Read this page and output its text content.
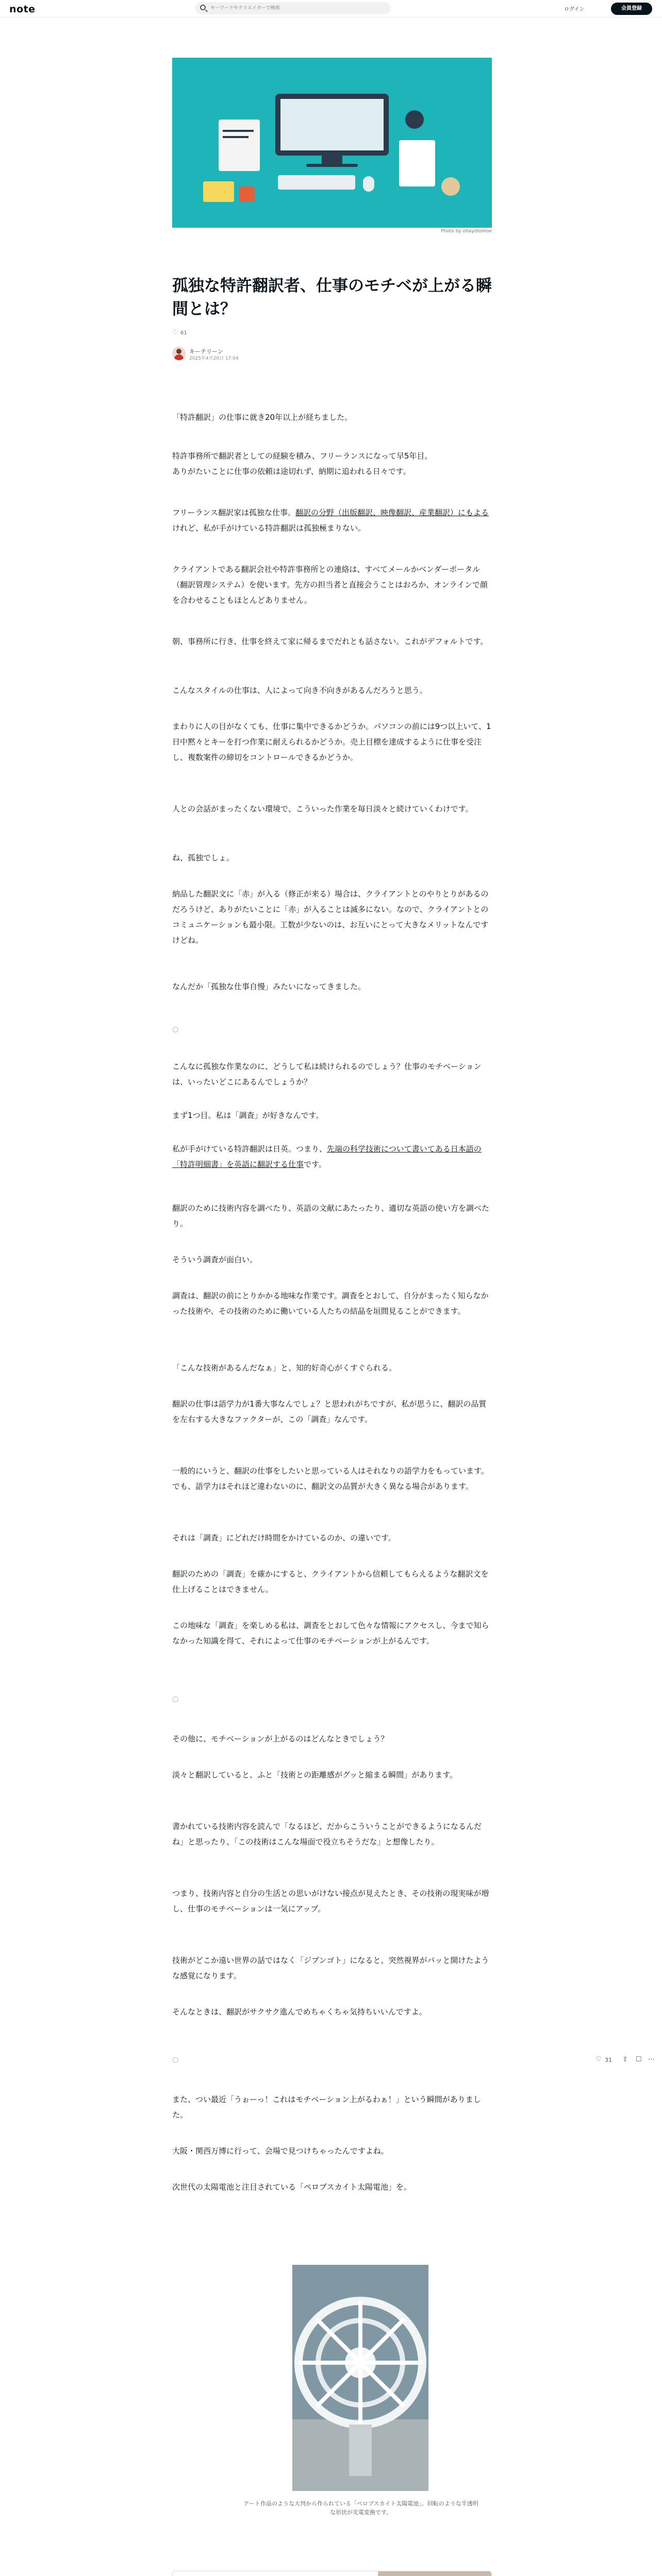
note
キーワードやクリエイターで検索	ログイン	会員登録
Photo by ohayotomoe
孤独な特許翻訳者、仕事のモチベが上がる瞬間とは？
♡ 61
キーテリーン
2025年4月20日 17:04
「特許翻訳」の仕事に就き20年以上が経ちました。
特許事務所で翻訳者としての経験を積み、フリーランスになって早5年目。
ありがたいことに仕事の依頼は途切れず、納期に追われる日々です。
フリーランス翻訳家は孤独な仕事。翻訳の分野（出版翻訳、映像翻訳、産業翻訳）にもよるけれど、私が手がけている特許翻訳は孤独極まりない。
クライアントである翻訳会社や特許事務所との連絡は、すべてメールかベンダーポータル（翻訳管理システム）を使います。先方の担当者と直接会うことはおろか、オンラインで顔を合わせることもほとんどありません。
朝、事務所に行き、仕事を終えて家に帰るまでだれとも話さない。これがデフォルトです。
こんなスタイルの仕事は、人によって向き不向きがあるんだろうと思う。
まわりに人の目がなくても、仕事に集中できるかどうか。パソコンの前には9つ以上いて、1日中黙々とキーを打つ作業に耐えられるかどうか。売上目標を達成するように仕事を受注し、複数案件の締切をコントロールできるかどうか。
人との会話がまったくない環境で、こういった作業を毎日淡々と続けていくわけです。
ね、孤独でしょ。
納品した翻訳文に「赤」が入る（修正が来る）場合は、クライアントとのやりとりがあるのだろうけど、ありがたいことに「赤」が入ることは滅多にない。なので、クライアントとのコミュニケーションも最小限。工数が少ないのは、お互いにとって大きなメリットなんですけどね。
なんだか「孤独な仕事自慢」みたいになってきました。
○
こんなに孤独な作業なのに、どうして私は続けられるのでしょう？仕事のモチベーションは、いったいどこにあるんでしょうか？
まず1つ目。私は「調査」が好きなんです。
私が手がけている特許翻訳は日英。つまり、先端の科学技術について書いてある日本語の「特許明細書」を英語に翻訳する仕事です。
翻訳のために技術内容を調べたり、英語の文献にあたったり、適切な英語の使い方を調べたり。
そういう調査が面白い。
調査は、翻訳の前にとりかかる地味な作業です。調査をとおして、自分がまったく知らなかった技術や、その技術のために働いている人たちの結晶を垣間見ることができます。
「こんな技術があるんだなぁ」と、知的好奇心がくすぐられる。
翻訳の仕事は語学力が1番大事なんでしょ？と思われがちですが、私が思うに、翻訳の品質を左右する大きなファクターが、この「調査」なんです。
一般的にいうと、翻訳の仕事をしたいと思っている人はそれなりの語学力をもっています。でも、語学力はそれほど違わないのに、翻訳文の品質が大きく異なる場合があります。
それは「調査」にどれだけ時間をかけているのか、の違いです。
翻訳のための「調査」を確かにすると、クライアントから信頼してもらえるような翻訳文を仕上げることはできません。
この地味な「調査」を楽しめる私は、調査をとおして色々な情報にアクセスし、今まで知らなかった知識を得て、それによって仕事のモチベーションが上がるんです。
○
その他に、モチベーションが上がるのはどんなときでしょう？
淡々と翻訳していると、ふと「技術との距離感がグッと縮まる瞬間」があります。
書かれている技術内容を読んで「なるほど、だからこういうことができるようになるんだね」と思ったり、「この技術はこんな場面で役立ちそうだな」と想像したり。
つまり、技術内容と自分の生活との思いがけない接点が見えたとき、その技術の現実味が増し、仕事のモチベーションは一気にアップ。
技術がどこか遠い世界の話ではなく「ジブンゴト」になると、突然視界がパッと開けたような感覚になります。
そんなときは、翻訳がサクサク進んでめちゃくちゃ気持ちいいんですよ。
♡ 31 ⇪ ☐ ⋯
○
また、つい最近「うぉーっ！これはモチベーション上がるわぁ！」という瞬間がありました。
大阪・関西万博に行って、会場で見つけちゃったんですよね。
次世代の太陽電池と注目されている「ペロブスカイト太陽電池」を。
アート作品のような大判から作られている「ペロブスカイト太陽電池」。回転のような半透明な形状が光電変換です。
